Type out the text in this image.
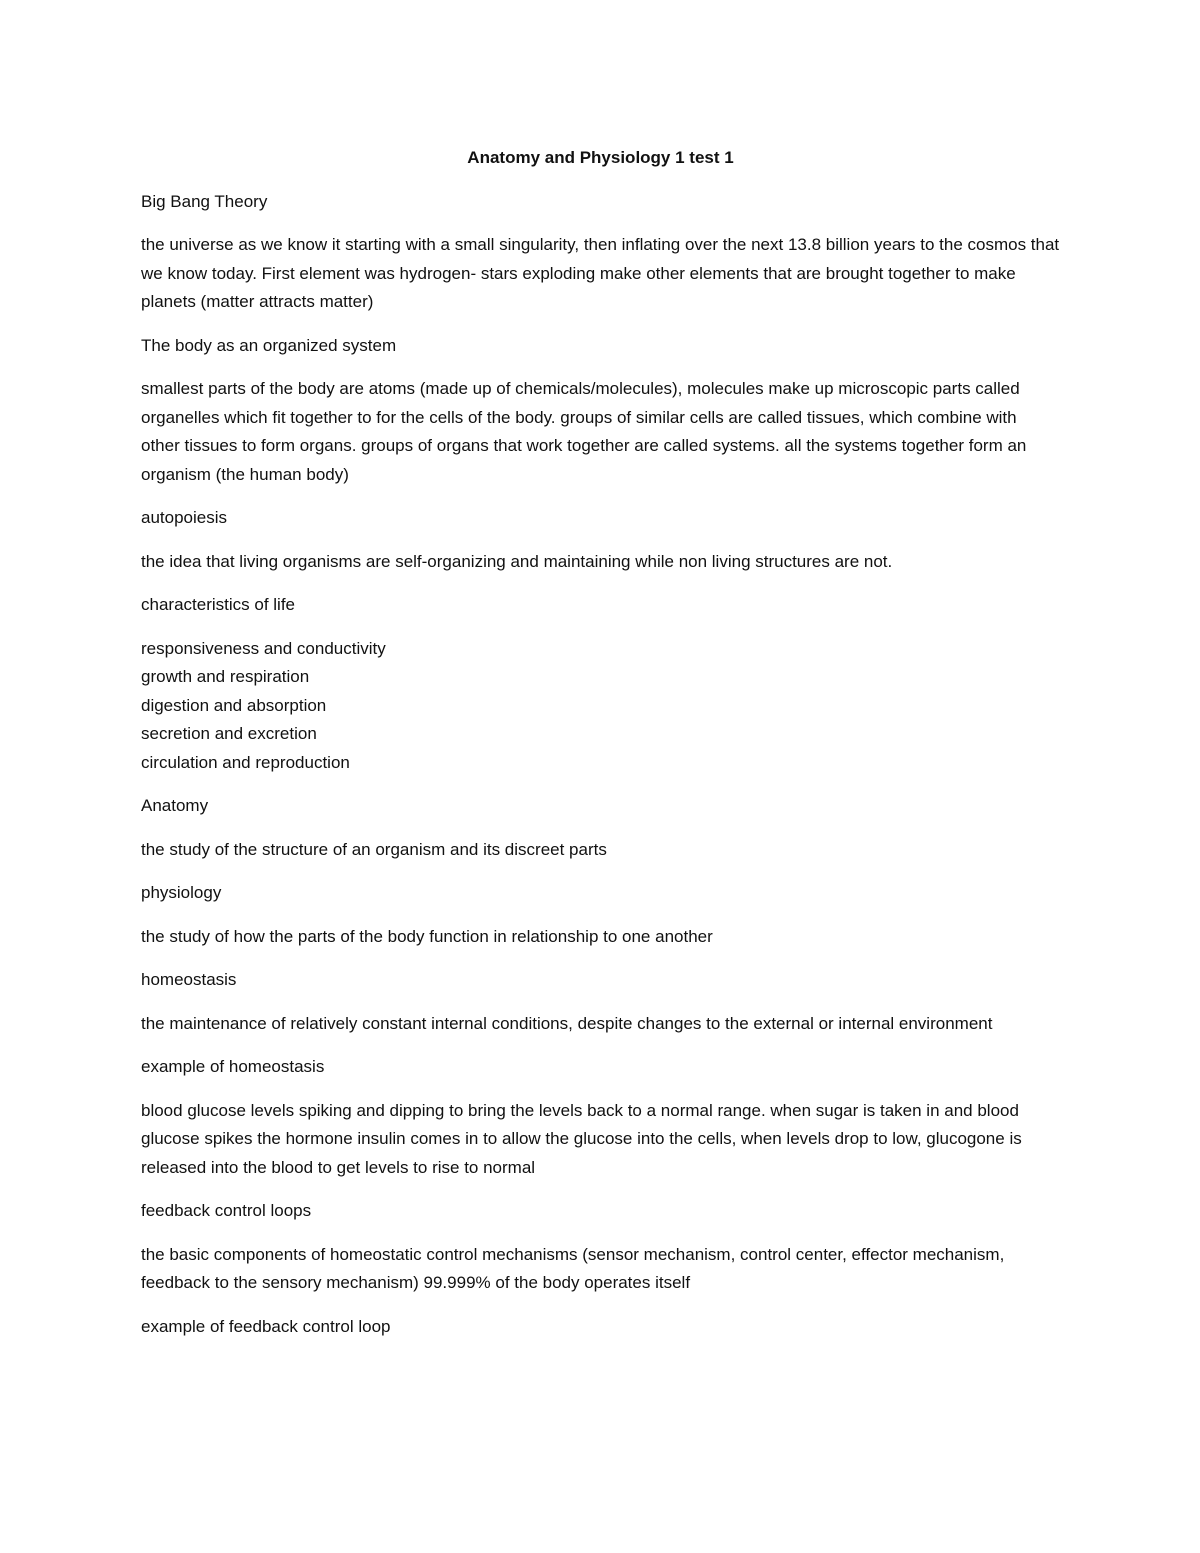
Anatomy and Physiology 1 test 1
Big Bang Theory
the universe as we know it starting with a small singularity, then inflating over the next 13.8 billion years to the cosmos that we know today. First element was hydrogen- stars exploding make other elements that are brought together to make planets (matter attracts matter)
The body as an organized system
smallest parts of the body are atoms (made up of chemicals/molecules), molecules make up microscopic parts called organelles which fit together to for the cells of the body. groups of similar cells are called tissues, which combine with other tissues to form organs. groups of organs that work together are called systems. all the systems together form an organism (the human body)
autopoiesis
the idea that living organisms are self-organizing and maintaining while non living structures are not.
characteristics of life
responsiveness and conductivity
growth and respiration
digestion and absorption
secretion and excretion
circulation and reproduction
Anatomy
the study of the structure of an organism and its discreet parts
physiology
the study of how the parts of the body function in relationship to one another
homeostasis
the maintenance of relatively constant internal conditions, despite changes to the external or internal environment
example of homeostasis
blood glucose levels spiking and dipping to bring the levels back to a normal range. when sugar is taken in and blood glucose spikes the hormone insulin comes in to allow the glucose into the cells, when levels drop to low, glucogone is released into the blood to get levels to rise to normal
feedback control loops
the basic components of homeostatic control mechanisms (sensor mechanism, control center, effector mechanism, feedback to the sensory mechanism) 99.999% of the body operates itself
example of feedback control loop
